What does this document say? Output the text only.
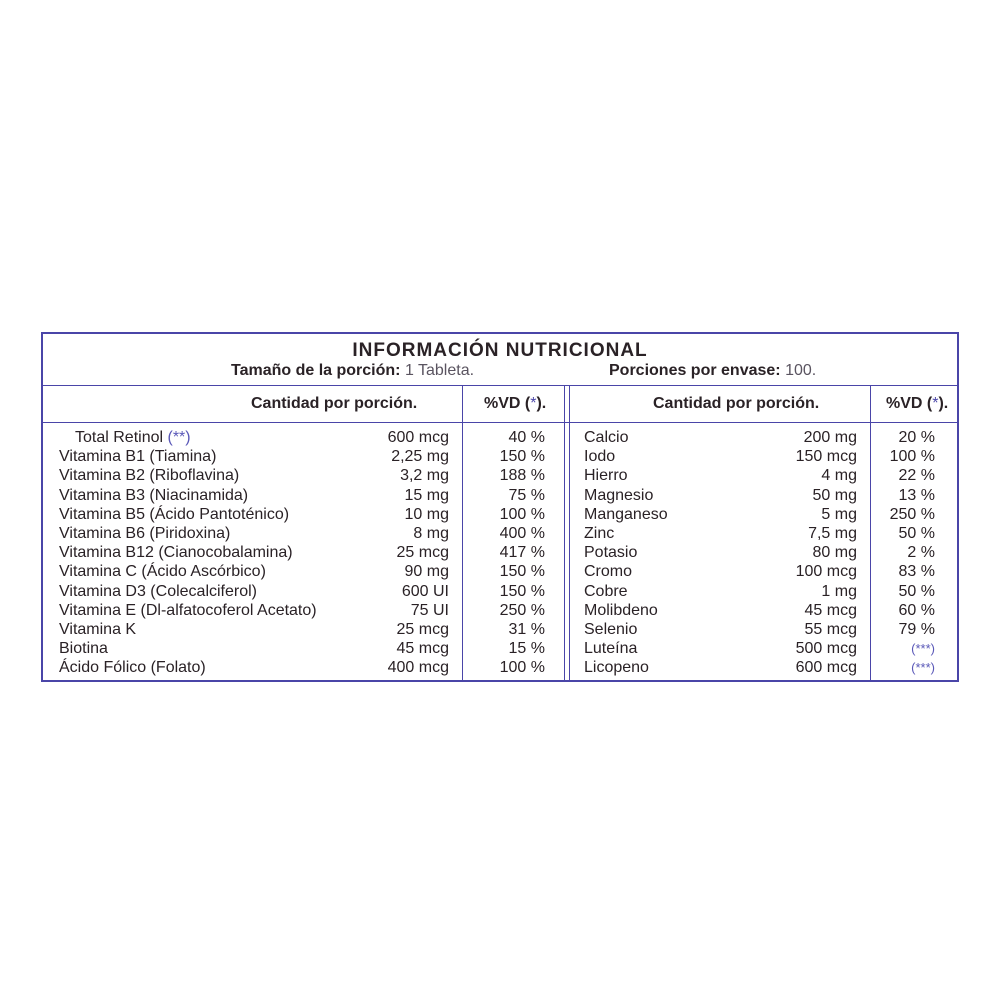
INFORMACIÓN NUTRICIONAL
Tamaño de la porción: 1 Tableta.	Porciones por envase: 100.
Cantidad por porción.	%VD (*).	Cantidad por porción.	%VD (*).
Total Retinol (**)	600 mcg	40 %
Vitamina B1 (Tiamina)	2,25 mg	150 %
Vitamina B2 (Riboflavina)	3,2 mg	188 %
Vitamina B3 (Niacinamida)	15 mg	75 %
Vitamina B5 (Ácido Pantoténico)	10 mg	100 %
Vitamina B6 (Piridoxina)	8 mg	400 %
Vitamina B12 (Cianocobalamina)	25 mcg	417 %
Vitamina C (Ácido Ascórbico)	90 mg	150 %
Vitamina D3 (Colecalciferol)	600 UI	150 %
Vitamina E (Dl-alfatocoferol Acetato)	75 UI	250 %
Vitamina K	25 mcg	31 %
Biotina	45 mcg	15 %
Ácido Fólico (Folato)	400 mcg	100 %
Calcio	200 mg	20 %
Iodo	150 mcg	100 %
Hierro	4 mg	22 %
Magnesio	50 mg	13 %
Manganeso	5 mg	250 %
Zinc	7,5 mg	50 %
Potasio	80 mg	2 %
Cromo	100 mcg	83 %
Cobre	1 mg	50 %
Molibdeno	45 mcg	60 %
Selenio	55 mcg	79 %
Luteína	500 mcg	(***)
Licopeno	600 mcg	(***)
